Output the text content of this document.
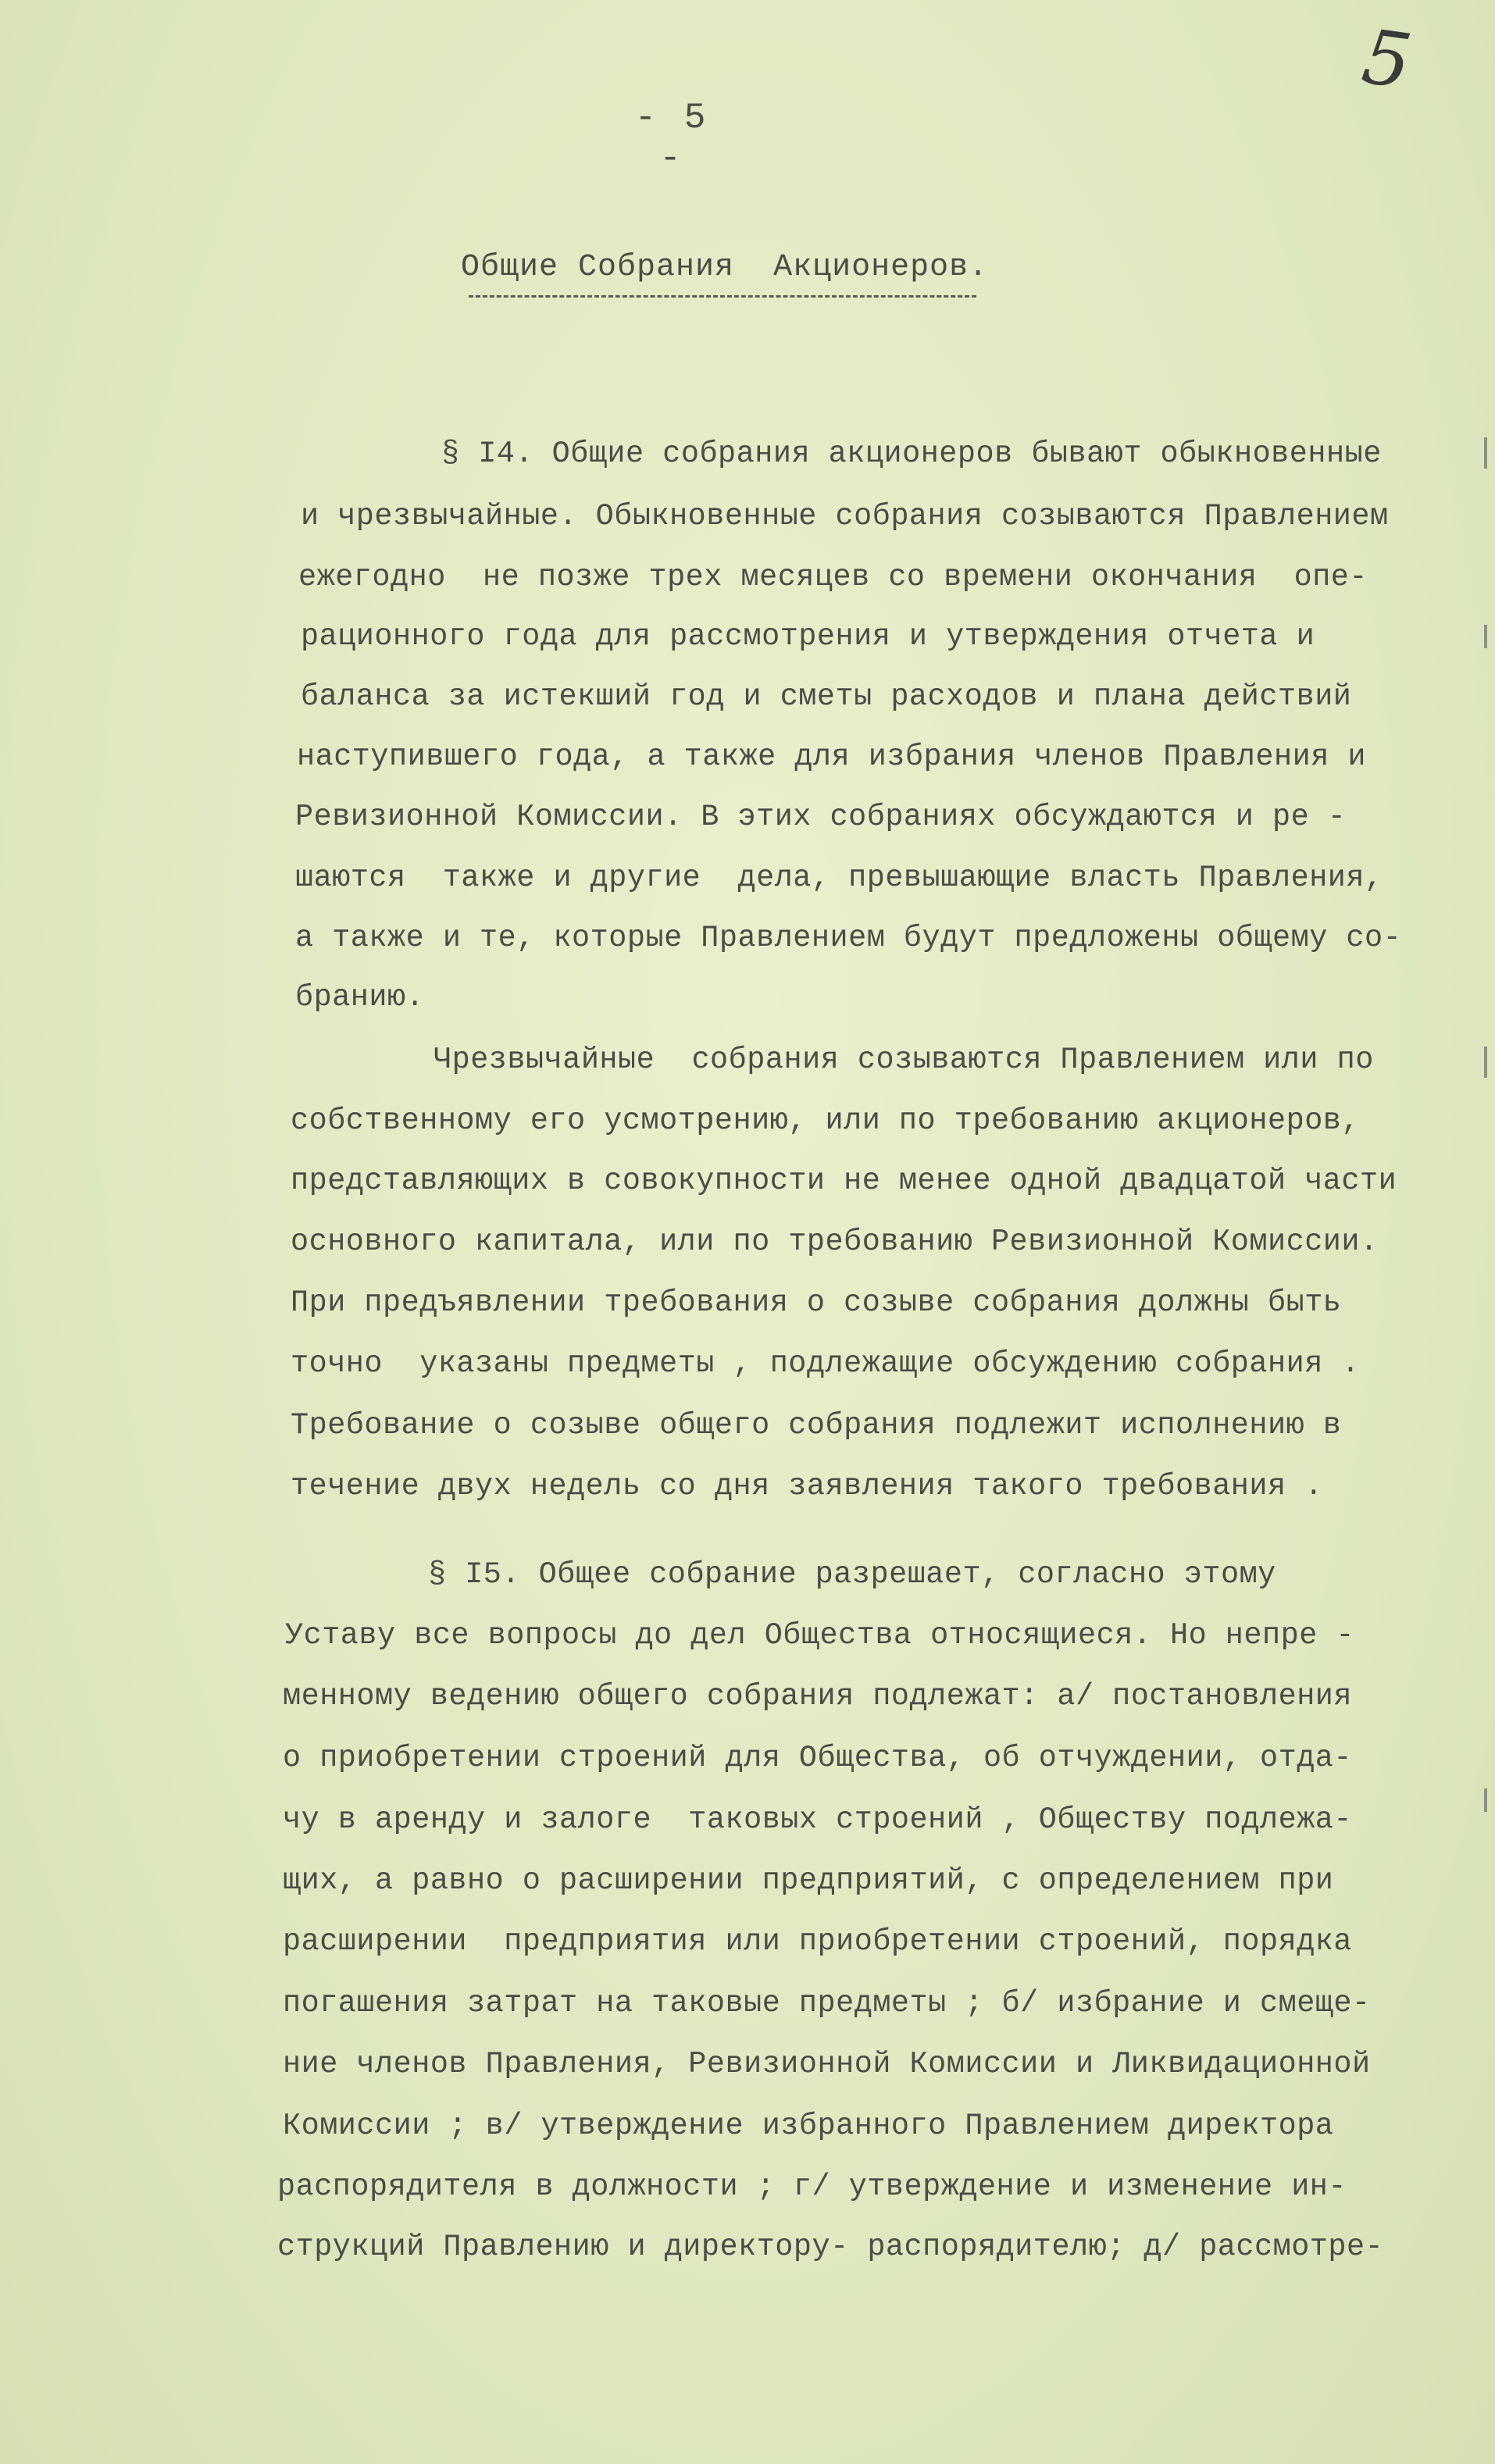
5
- 5 -
Общие Собрания  Акционеров.
§ I4. Общие собрания акционеров бывают обыкновенные
и чрезвычайные. Обыкновенные собрания созываются Правлением
ежегодно  не позже трех месяцев со времени окончания  опе-
рационного года для рассмотрения и утверждения отчета и
баланса за истекший год и сметы расходов и плана действий
наступившего года, а также для избрания членов Правления и
Ревизионной Комиссии. В этих собраниях обсуждаются и ре -
шаются  также и другие  дела, превышающие власть Правления,
а также и те, которые Правлением будут предложены общему со-
бранию.
Чрезвычайные  собрания созываются Правлением или по
собственному его усмотрению, или по требованию акционеров,
представляющих в совокупности не менее одной двадцатой части
основного капитала, или по требованию Ревизионной Комиссии.
При предъявлении требования о созыве собрания должны быть
точно  указаны предметы , подлежащие обсуждению собрания .
Требование о созыве общего собрания подлежит исполнению в
течение двух недель со дня заявления такого требования .
§ I5. Общее собрание разрешает, согласно этому
Уставу все вопросы до дел Общества относящиеся. Но непре -
менному ведению общего собрания подлежат: а/ постановления
о приобретении строений для Общества, об отчуждении, отда-
чу в аренду и залоге  таковых строений , Обществу подлежа-
щих, а равно о расширении предприятий, с определением при
расширении  предприятия или приобретении строений, порядка
погашения затрат на таковые предметы ; б/ избрание и смеще-
ние членов Правления, Ревизионной Комиссии и Ликвидационной
Комиссии ; в/ утверждение избранного Правлением директора
распорядителя в должности ; г/ утверждение и изменение ин-
струкций Правлению и директору- распорядителю; д/ рассмотре-
